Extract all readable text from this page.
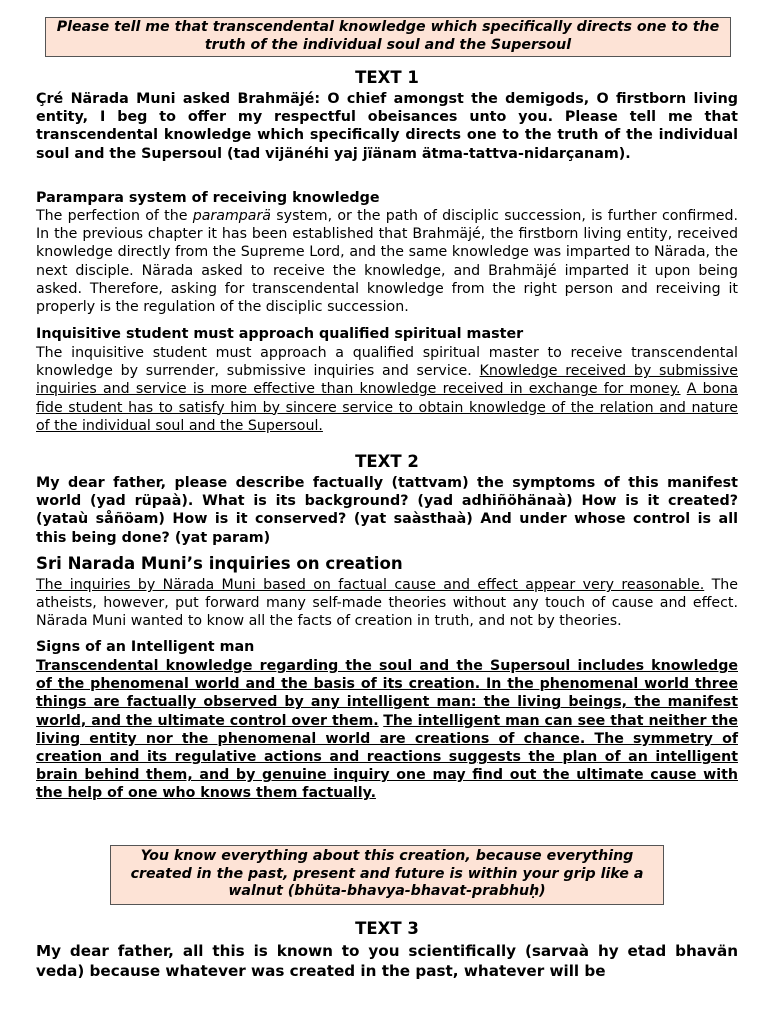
Please tell me that transcendental knowledge which specifically directs one to the truth of the individual soul and the Supersoul
TEXT 1
Çré Närada Muni asked Brahmäjé: O chief amongst the demigods, O firstborn living entity, I beg to offer my respectful obeisances unto you. Please tell me that transcendental knowledge which specifically directs one to the truth of the individual soul and the Supersoul (tad vijänéhi yaj jïänam ätma-tattva-nidarçanam).
Parampara system of receiving knowledge
The perfection of the paramparä system, or the path of disciplic succession, is further confirmed. In the previous chapter it has been established that Brahmäjé, the firstborn living entity, received knowledge directly from the Supreme Lord, and the same knowledge was imparted to Närada, the next disciple. Närada asked to receive the knowledge, and Brahmäjé imparted it upon being asked. Therefore, asking for transcendental knowledge from the right person and receiving it properly is the regulation of the disciplic succession.
Inquisitive student must approach qualified spiritual master
The inquisitive student must approach a qualified spiritual master to receive transcendental knowledge by surrender, submissive inquiries and service. Knowledge received by submissive inquiries and service is more effective than knowledge received in exchange for money. A bona fide student has to satisfy him by sincere service to obtain knowledge of the relation and nature of the individual soul and the Supersoul.
TEXT 2
My dear father, please describe factually (tattvam) the symptoms of this manifest world (yad rüpaà). What is its background? (yad adhiñöhänaà) How is it created? (yataù såñöam) How is it conserved? (yat saàsthaà) And under whose control is all this being done? (yat param)
Sri Narada Muni’s inquiries on creation
The inquiries by Närada Muni based on factual cause and effect appear very reasonable. The atheists, however, put forward many self-made theories without any touch of cause and effect. Närada Muni wanted to know all the facts of creation in truth, and not by theories.
Signs of an Intelligent man
Transcendental knowledge regarding the soul and the Supersoul includes knowledge of the phenomenal world and the basis of its creation. In the phenomenal world three things are factually observed by any intelligent man: the living beings, the manifest world, and the ultimate control over them. The intelligent man can see that neither the living entity nor the phenomenal world are creations of chance. The symmetry of creation and its regulative actions and reactions suggests the plan of an intelligent brain behind them, and by genuine inquiry one may find out the ultimate cause with the help of one who knows them factually.
You know everything about this creation, because everything created in the past, present and future is within your grip like a walnut (bhüta-bhavya-bhavat-prabhuḥ)
TEXT 3
My dear father, all this is known to you scientifically (sarvaà hy etad bhavän veda) because whatever was created in the past, whatever will be
